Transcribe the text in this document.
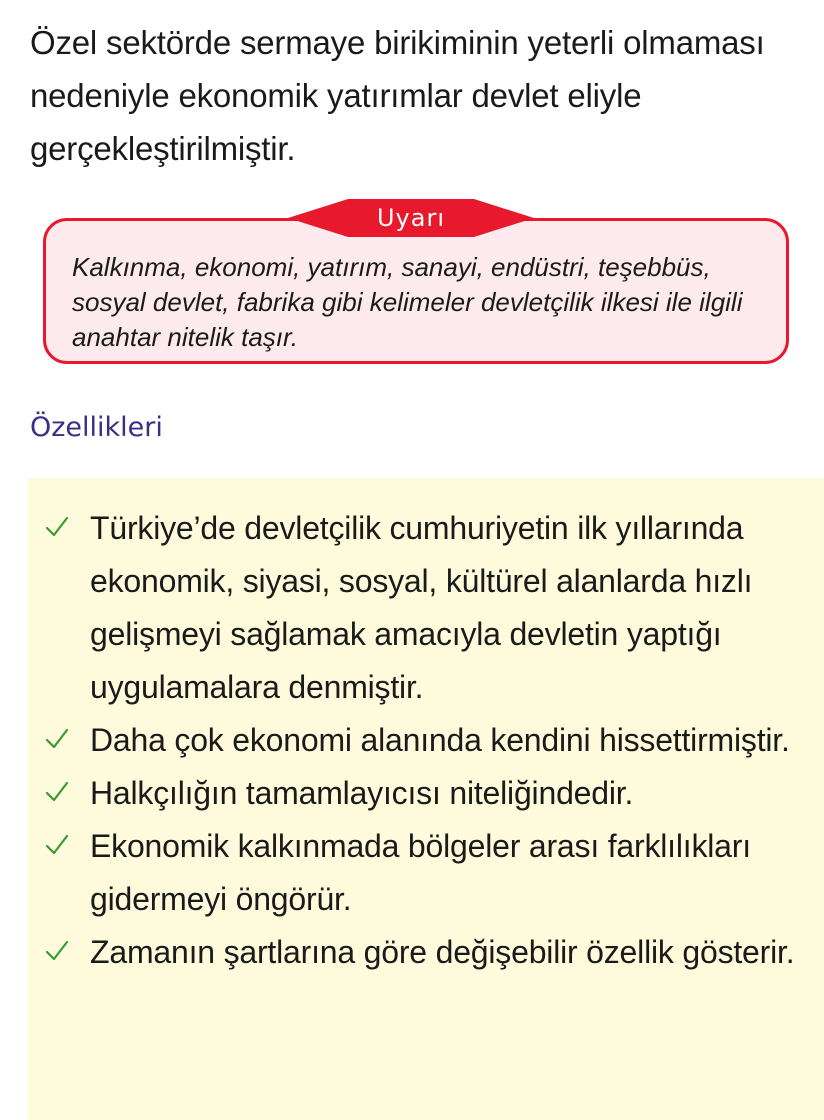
Özel sektörde sermaye birikiminin yeterli olmaması nedeniyle ekonomik yatırımlar devlet eliyle gerçekleştirilmiştir.

Uyarı

Kalkınma, ekonomi, yatırım, sanayi, endüstri, teşebbüs, sosyal devlet, fabrika gibi kelimeler devletçilik ilkesi ile ilgili anahtar nitelik taşır.

Özellikleri
Türkiye’de devletçilik cumhuriyetin ilk yıllarında ekonomik, siyasi, sosyal, kültürel alanlarda hızlı gelişmeyi sağlamak amacıyla devletin yaptığı uygulamalara denmiştir.
Daha çok ekonomi alanında kendini hissettirmiştir.
Halkçılığın tamamlayıcısı niteliğindedir.
Ekonomik kalkınmada bölgeler arası farklılıkları gidermeyi öngörür.
Zamanın şartlarına göre değişebilir özellik gösterir.
